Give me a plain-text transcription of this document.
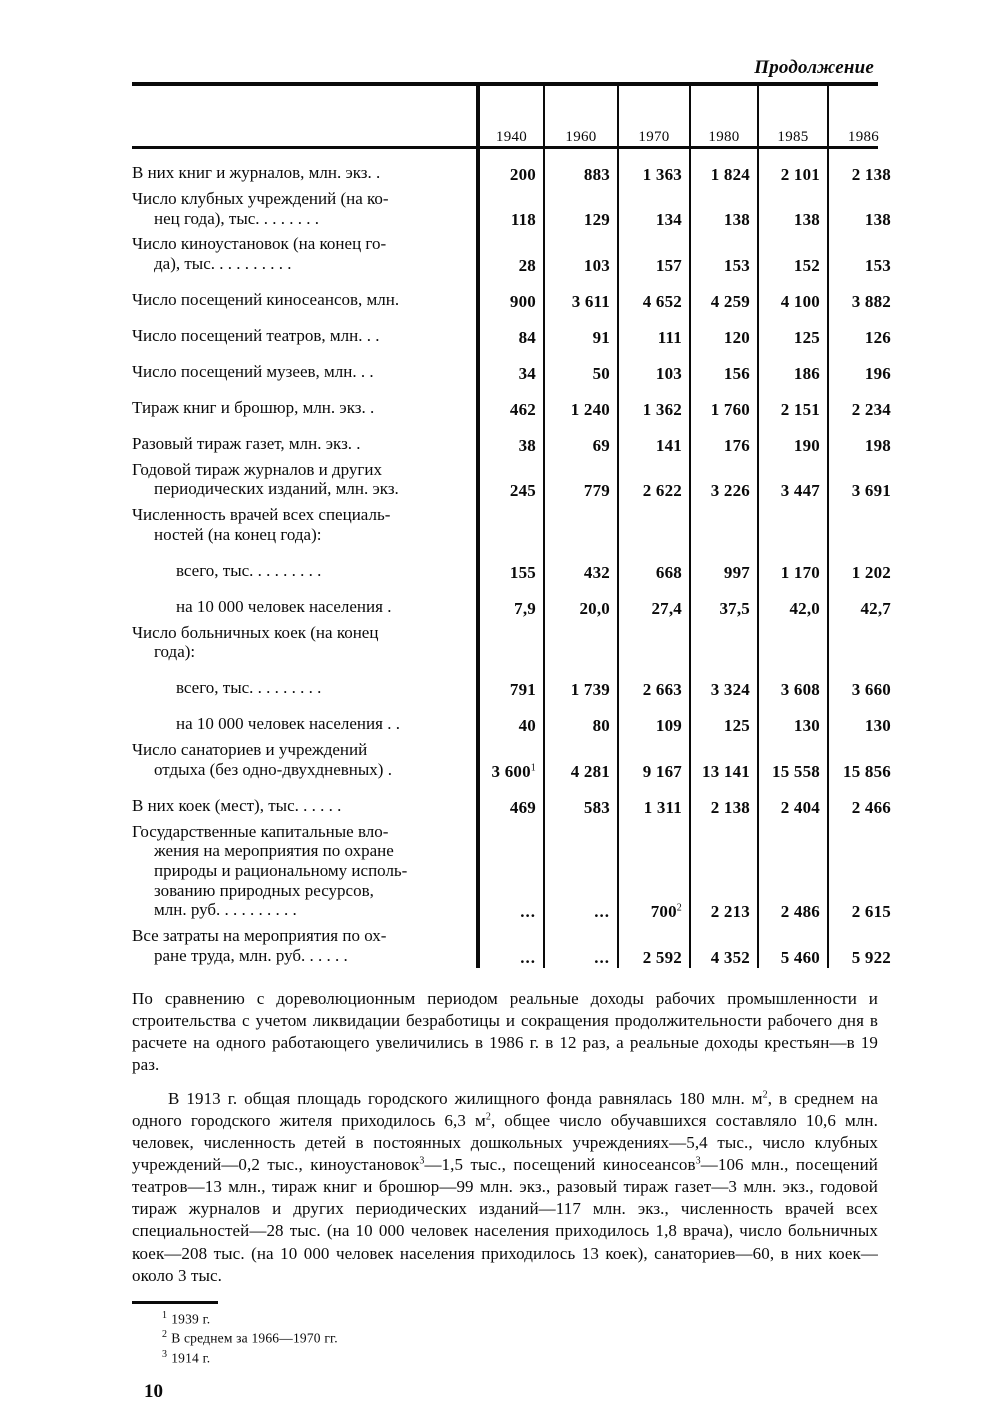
Продолжение
	1940	1960	1970	1980	1985	1986
В них книг и журналов, млн. экз. .	200	883	1 363	1 824	2 101	2 138

Число клубных учреждений (на ко-
нец года), тыс. . . . . . . .	118	129	134	138	138	138

Число киноустановок (на конец го-
да), тыс. . . . . . . . . .	28	103	157	153	152	153

Число посещений киносеансов, млн.	900	3 611	4 652	4 259	4 100	3 882

Число посещений театров, млн. . .	84	91	111	120	125	126

Число посещений музеев, млн. . .	34	50	103	156	186	196

Тираж книг и брошюр, млн. экз. .	462	1 240	1 362	1 760	2 151	2 234

Разовый тираж газет, млн. экз. .	38	69	141	176	190	198

Годовой тираж журналов и других
периодических изданий, млн. экз.	245	779	2 622	3 226	3 447	3 691

Численность врачей всех специаль-
ностей (на конец года):						

всего, тыс. . . . . . . . .	155	432	668	997	1 170	1 202

на 10 000 человек населения .	7,9	20,0	27,4	37,5	42,0	42,7

Число больничных коек (на конец
года):						

всего, тыс. . . . . . . . .	791	1 739	2 663	3 324	3 608	3 660

на 10 000 человек населения . .	40	80	109	125	130	130

Число санаториев и учреждений
отдыха (без одно-двухдневных) .	3 600$^1$	4 281	9 167	13 141	15 558	15 856

В них коек (мест), тыс. . . . . .	469	583	1 311	2 138	2 404	2 466

Государственные капитальные вло-
жения на мероприятия по охране
природы и рациональному исполь-
зованию природных ресурсов,
млн. руб. . . . . . . . . .	...	...	700$^2$	2 213	2 486	2 615

Все затраты на мероприятия по ох-
ране труда, млн. руб. . . . . .	...	...	2 592	4 352	5 460	5 922
По сравнению с дореволюционным периодом реальные доходы рабочих промышленности и строительства с учетом ликвидации безработицы и сокращения продолжительности рабочего дня в расчете на одного работающего увеличились в 1986 г. в 12 раз, а реальные доходы крестьян—в 19 раз.
В 1913 г. общая площадь городского жилищного фонда равнялась 180 млн. $м^2$, в среднем на одного городского жителя приходилось 6,3 $м^2$, общее число обучавшихся составляло 10,6 млн. человек, численность детей в постоянных дошкольных учреждениях—5,4 тыс., число клубных учреждений—0,2 тыс., киноустановок$^3$—1,5 тыс., посещений киносеансов$^3$—106 млн., посещений театров—13 млн., тираж книг и брошюр—99 млн. экз., разовый тираж газет—3 млн. экз., годовой тираж журналов и других периодических изданий—117 млн. экз., численность врачей всех специальностей—28 тыс. (на 10 000 человек населения приходилось 1,8 врача), число больничных коек—208 тыс. (на 10 000 человек населения приходилось 13 коек), санаториев—60, в них коек—около 3 тыс.
$^1$ 1939 г.
$^2$ В среднем за 1966—1970 гг.
$^3$ 1914 г.
10
